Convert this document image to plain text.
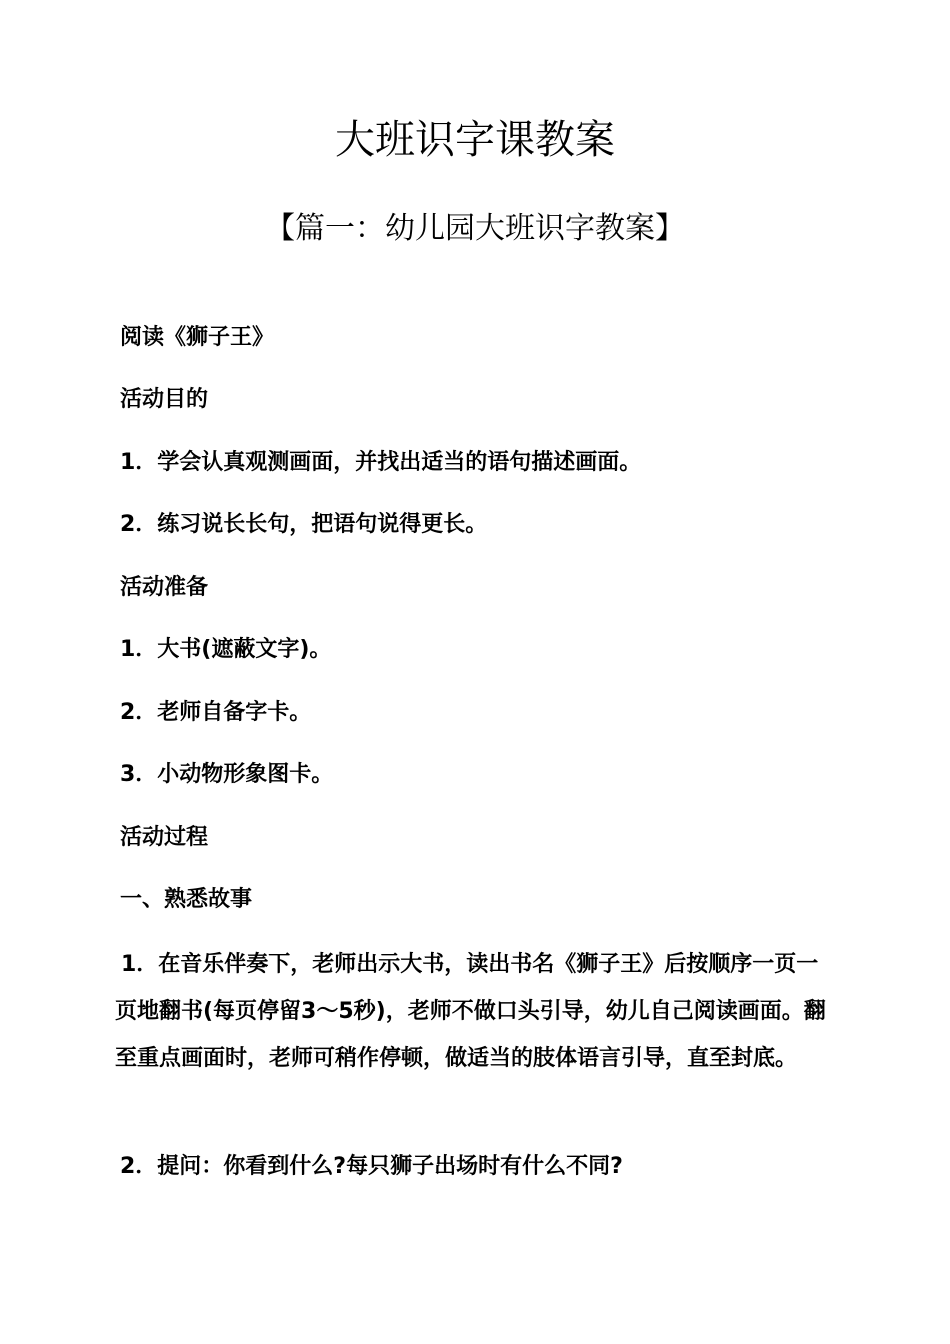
大班识字课教案
【篇一：幼儿园大班识字教案】
阅读《狮子王》
活动目的
1．学会认真观测画面，并找出适当的语句描述画面。
2．练习说长长句，把语句说得更长。
活动准备
1．大书(遮蔽文字)。
2．老师自备字卡。
3．小动物形象图卡。
活动过程
一、熟悉故事
1．在音乐伴奏下，老师出示大书，读出书名《狮子王》后按顺序一页一页地翻书(每页停留3～5秒)，老师不做口头引导，幼儿自己阅读画面。翻至重点画面时，老师可稍作停顿，做适当的肢体语言引导，直至封底。
2．提问：你看到什么?每只狮子出场时有什么不同?
